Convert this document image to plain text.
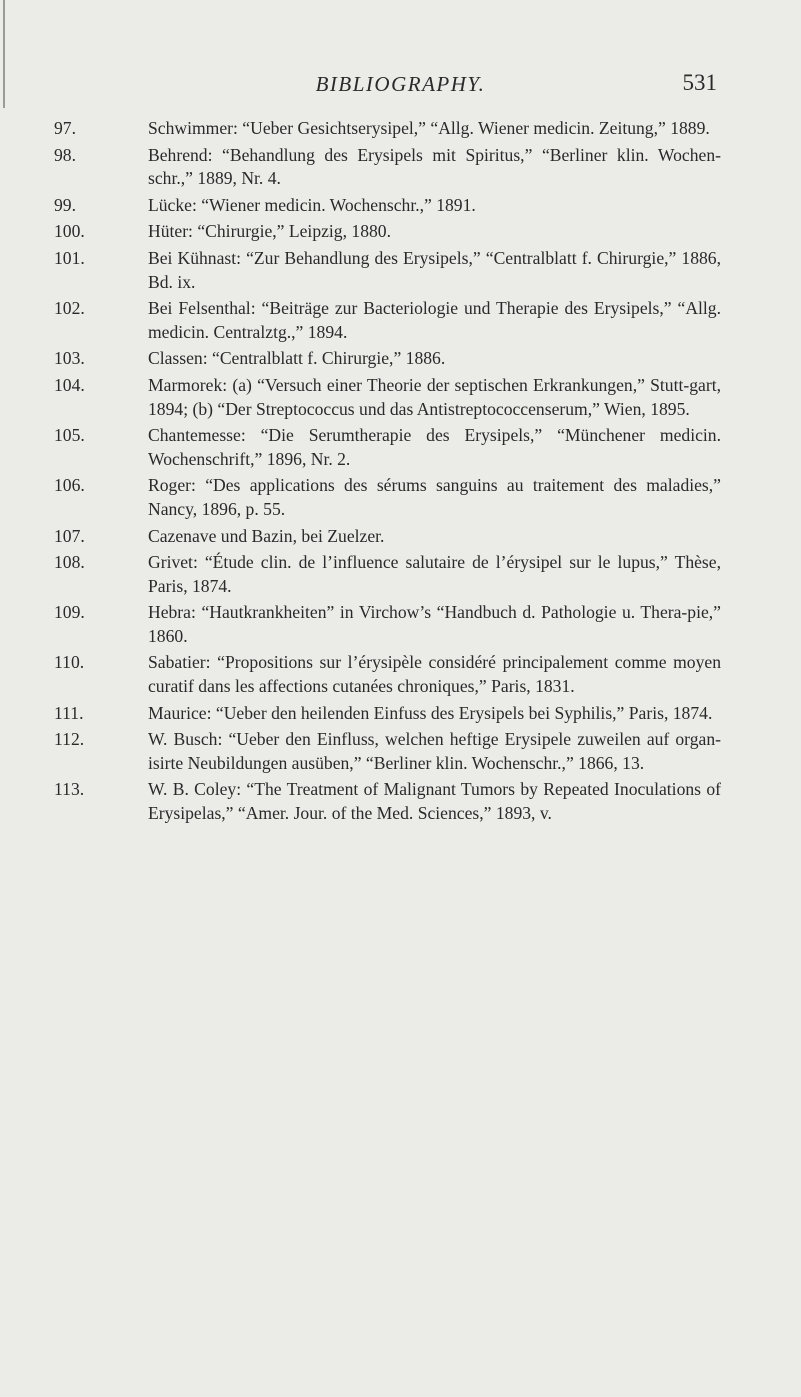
BIBLIOGRAPHY.	531
97.	Schwimmer: “Ueber Gesichtserysipel,” “Allg. Wiener medicin. Zeitung,” 1889.
98.	Behrend: “Behandlung des Erysipels mit Spiritus,” “Berliner klin. Wochen-schr.,” 1889, Nr. 4.
99.	Lücke: “Wiener medicin. Wochenschr.,” 1891.
100.	Hüter: “Chirurgie,” Leipzig, 1880.
101.	Bei Kühnast: “Zur Behandlung des Erysipels,” “Centralblatt f. Chirurgie,” 1886, Bd. ix.
102.	Bei Felsenthal: “Beiträge zur Bacteriologie und Therapie des Erysipels,” “Allg. medicin. Centralztg.,” 1894.
103.	Classen: “Centralblatt f. Chirurgie,” 1886.
104.	Marmorek: (a) “Versuch einer Theorie der septischen Erkrankungen,” Stutt-gart, 1894; (b) “Der Streptococcus und das Antistreptococcenserum,” Wien, 1895.
105.	Chantemesse: “Die Serumtherapie des Erysipels,” “Münchener medicin. Wochenschrift,” 1896, Nr. 2.
106.	Roger: “Des applications des sérums sanguins au traitement des maladies,” Nancy, 1896, p. 55.
107.	Cazenave und Bazin, bei Zuelzer.
108.	Grivet: “Étude clin. de l’influence salutaire de l’érysipel sur le lupus,” Thèse, Paris, 1874.
109.	Hebra: “Hautkrankheiten” in Virchow’s “Handbuch d. Pathologie u. Thera-pie,” 1860.
110.	Sabatier: “Propositions sur l’érysipèle considéré principalement comme moyen curatif dans les affections cutanées chroniques,” Paris, 1831.
111.	Maurice: “Ueber den heilenden Einfuss des Erysipels bei Syphilis,” Paris, 1874.
112.	W. Busch: “Ueber den Einfluss, welchen heftige Erysipele zuweilen auf organ-isirte Neubildungen ausüben,” “Berliner klin. Wochenschr.,” 1866, 13.
113.	W. B. Coley: “The Treatment of Malignant Tumors by Repeated Inoculations of Erysipelas,” “Amer. Jour. of the Med. Sciences,” 1893, v.
